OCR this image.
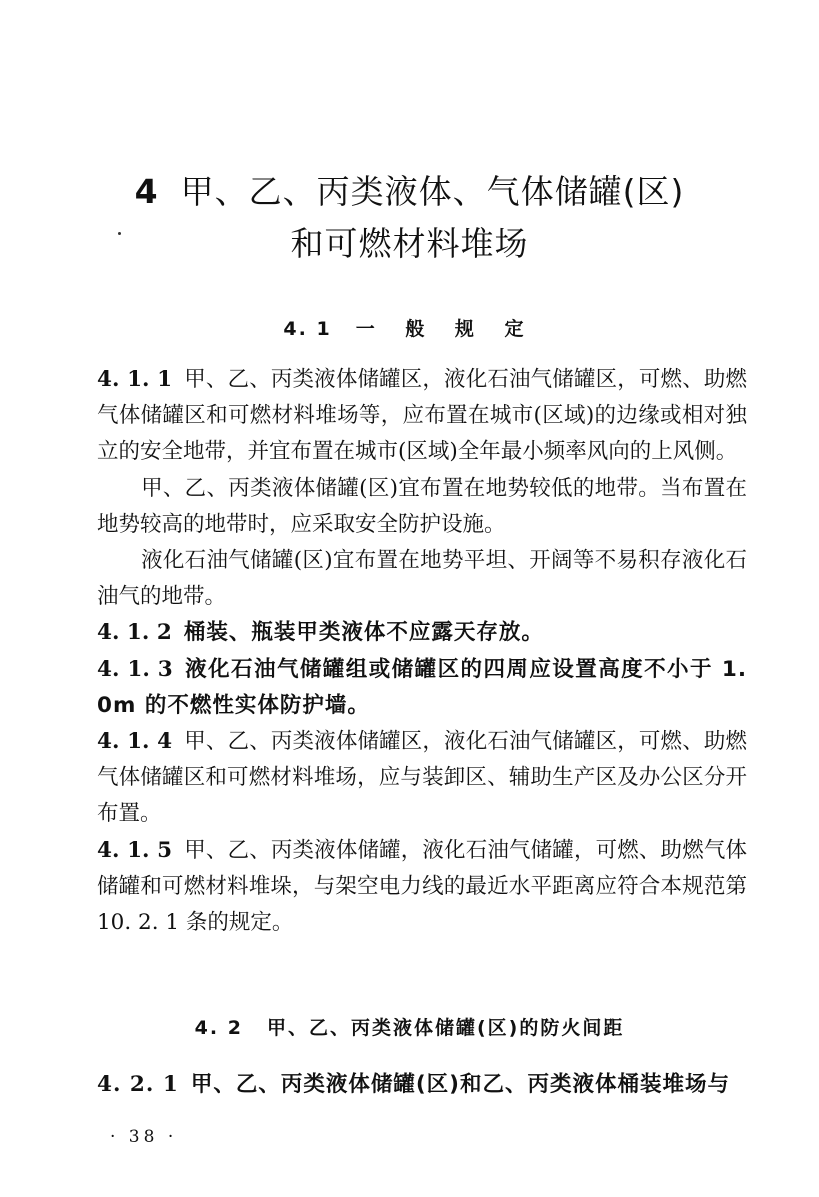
4 甲、乙、丙类液体、气体储罐(区)
和可燃材料堆场
4. 1 一 般 规 定

4. 1. 1 甲、乙、丙类液体储罐区，液化石油气储罐区，可燃、助燃气体储罐区和可燃材料堆场等，应布置在城市(区域)的边缘或相对独立的安全地带，并宜布置在城市(区域)全年最小频率风向的上风侧。

甲、乙、丙类液体储罐(区)宜布置在地势较低的地带。当布置在地势较高的地带时，应采取安全防护设施。

液化石油气储罐(区)宜布置在地势平坦、开阔等不易积存液化石油气的地带。

4. 1. 2 桶装、瓶装甲类液体不应露天存放。

4. 1. 3 液化石油气储罐组或储罐区的四周应设置高度不小于 1. 0m 的不燃性实体防护墙。

4. 1. 4 甲、乙、丙类液体储罐区，液化石油气储罐区，可燃、助燃气体储罐区和可燃材料堆场，应与装卸区、辅助生产区及办公区分开布置。

4. 1. 5 甲、乙、丙类液体储罐，液化石油气储罐，可燃、助燃气体储罐和可燃材料堆垛，与架空电力线的最近水平距离应符合本规范第 10. 2. 1 条的规定。

4. 2 甲、乙、丙类液体储罐(区)的防火间距
4. 2. 1 甲、乙、丙类液体储罐(区)和乙、丙类液体桶装堆场与
· 38 ·
